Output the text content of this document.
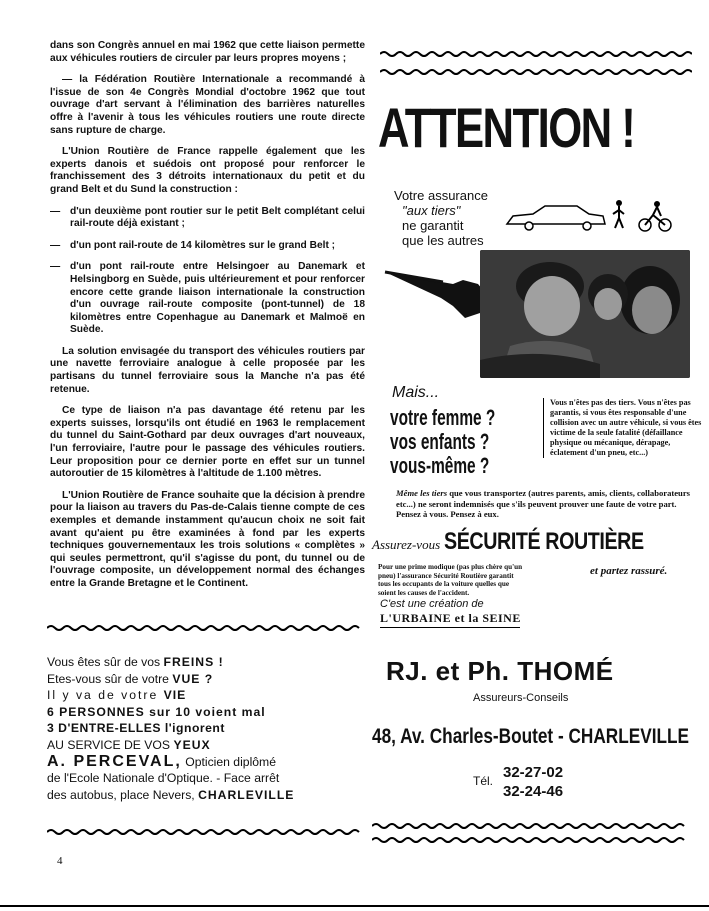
dans son Congrès annuel en mai 1962 que cette liaison permette aux véhicules routiers de circuler par leurs propres moyens ;

— la Fédération Routière Internationale a recommandé à l'issue de son 4e Congrès Mondial d'octobre 1962 que tout ouvrage d'art servant à l'élimination des barrières naturelles offre à l'avenir à tous les véhicules routiers une route directe sans rupture de charge.

L'Union Routière de France rappelle également que les experts danois et suédois ont proposé pour renforcer le franchissement des 3 détroits internationaux du petit et du grand Belt et du Sund la construction :

— d'un deuxième pont routier sur le petit Belt complétant celui rail-route déjà existant ;

— d'un pont rail-route de 14 kilomètres sur le grand Belt ;

— d'un pont rail-route entre Helsingoer au Danemark et Helsingborg en Suède, puis ultérieurement et pour renforcer encore cette grande liaison internationale la construction d'un ouvrage rail-route composite (pont-tunnel) de 18 kilomètres entre Copenhague au Danemark et Malmoë en Suède.

La solution envisagée du transport des véhicules routiers par une navette ferroviaire analogue à celle proposée par les partisans du tunnel ferroviaire sous la Manche n'a pas été retenue.

Ce type de liaison n'a pas davantage été retenu par les experts suisses, lorsqu'ils ont étudié en 1963 le remplacement du tunnel du Saint-Gothard par deux ouvrages d'art nouveaux, l'un ferroviaire, l'autre pour le passage des véhicules routiers. Leur proposition pour ce dernier porte en effet sur un tunnel autoroutier de 15 kilomètres à l'altitude de 1.100 mètres.

L'Union Routière de France souhaite que la décision à prendre pour la liaison au travers du Pas-de-Calais tienne compte de ces exemples et demande instamment qu'aucun choix ne soit fait avant qu'aient pu être examinées à fond par les experts techniques gouvernementaux les trois solutions « complètes » qui seules permettront, qu'il s'agisse du pont, du tunnel ou de l'ouvrage composite, un développement normal des échanges entre la Grande Bretagne et le Continent.

ATTENTION !
Votre assurance
"aux tiers"
ne garantit
que les autres
Mais...
votre femme ?
vos enfants ?
vous-même ?
Vous n'êtes pas des tiers. Vous n'êtes pas garantis, si vous êtes responsable d'une collision avec un autre véhicule, si vous êtes victime de la seule fatalité (défaillance physique ou mécanique, dérapage, éclatement d'un pneu, etc...)
Même les tiers que vous transportez (autres parents, amis, clients, collaborateurs etc...) ne seront indemnisés que s'ils peuvent prouver une faute de votre part. Pensez à vous. Pensez à eux.
Assurez-vous SÉCURITÉ ROUTIÈRE
et partez rassuré.
Pour une prime modique (pas plus chère qu'un pneu) l'assurance Sécurité Routière garantit tous les occupants de la voiture quelles que soient les causes de l'accident.
C'est une création de
L'URBAINE et la SEINE
Vous êtes sûr de vos FREINS !
Etes-vous sûr de votre VUE ?
Il y va de votre VIE
6 PERSONNES sur 10 voient mal
3 D'ENTRE-ELLES l'ignorent
AU SERVICE DE VOS YEUX
A. PERCEVAL, Opticien diplômé
de l'Ecole Nationale d'Optique. - Face arrêt
des autobus, place Nevers, CHARLEVILLE
RJ. et Ph. THOMÉ
Assureurs-Conseils
48, Av. Charles-Boutet - CHARLEVILLE
Tél. 32-27-02
32-24-46
4
